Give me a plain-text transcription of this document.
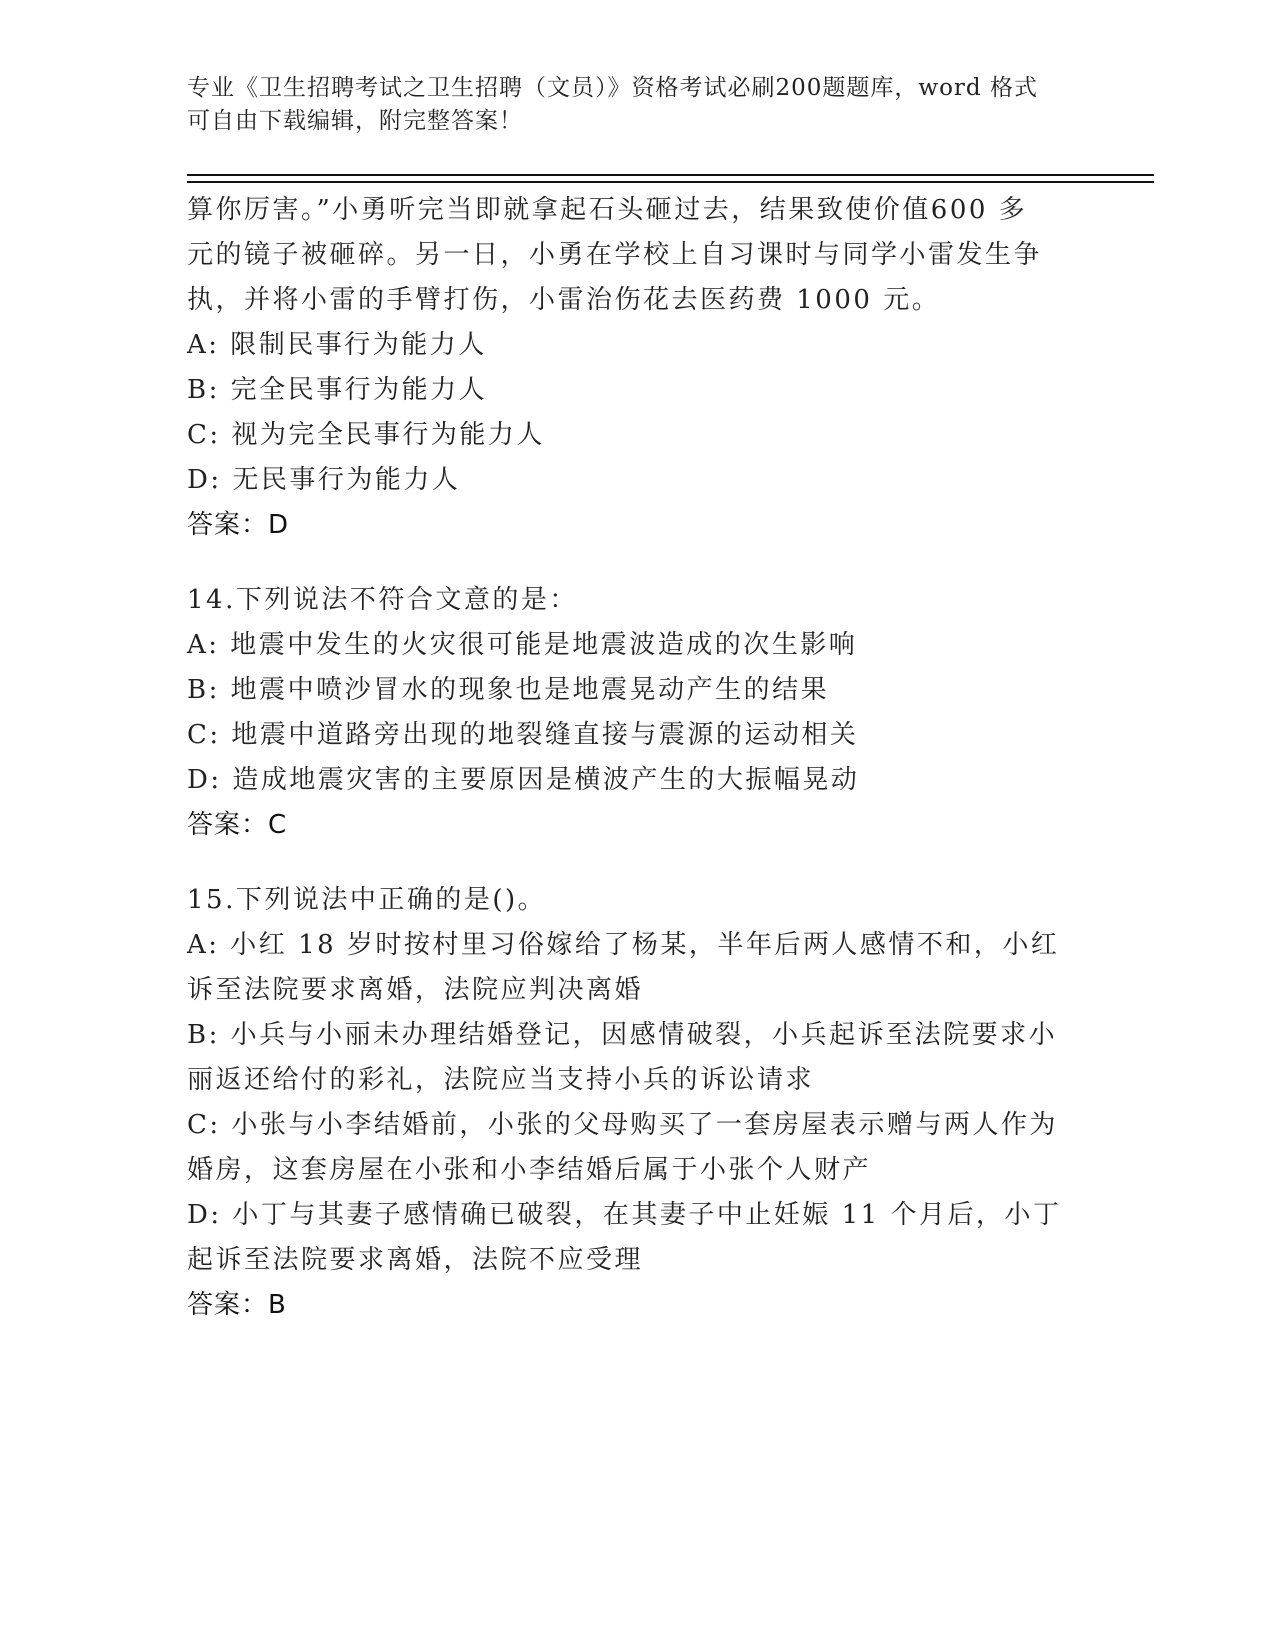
专业《卫生招聘考试之卫生招聘（文员）》资格考试必刷200题题库，word 格式
可自由下载编辑，附完整答案！
算你厉害。”小勇听完当即就拿起石头砸过去，结果致使价值600 多
元的镜子被砸碎。另一日，小勇在学校上自习课时与同学小雷发生争
执，并将小雷的手臂打伤，小雷治伤花去医药费 1000 元。
A: 限制民事行为能力人
B: 完全民事行为能力人
C: 视为完全民事行为能力人
D: 无民事行为能力人
答案：D
14.下列说法不符合文意的是：
A: 地震中发生的火灾很可能是地震波造成的次生影响
B: 地震中喷沙冒水的现象也是地震晃动产生的结果
C: 地震中道路旁出现的地裂缝直接与震源的运动相关
D: 造成地震灾害的主要原因是横波产生的大振幅晃动
答案：C
15.下列说法中正确的是()。
A: 小红 18 岁时按村里习俗嫁给了杨某，半年后两人感情不和，小红
诉至法院要求离婚，法院应判决离婚
B: 小兵与小丽未办理结婚登记，因感情破裂，小兵起诉至法院要求小
丽返还给付的彩礼，法院应当支持小兵的诉讼请求
C: 小张与小李结婚前，小张的父母购买了一套房屋表示赠与两人作为
婚房，这套房屋在小张和小李结婚后属于小张个人财产
D: 小丁与其妻子感情确已破裂，在其妻子中止妊娠 11 个月后，小丁
起诉至法院要求离婚，法院不应受理
答案：B
